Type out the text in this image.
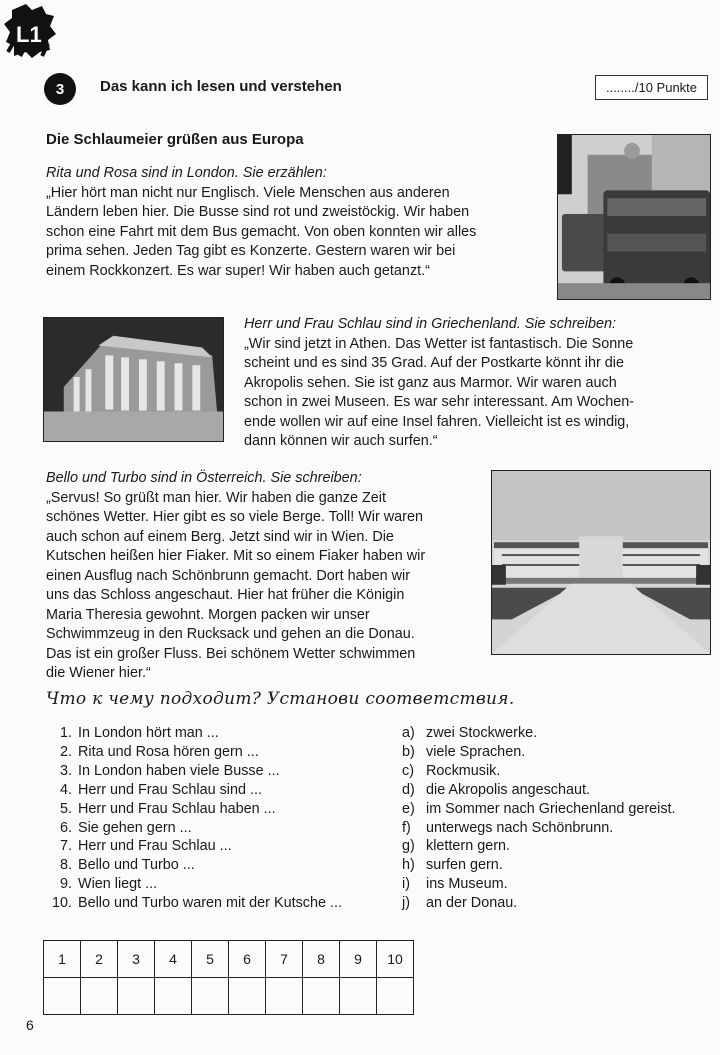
L1
3	Das kann ich lesen und verstehen	......../10 Punkte
Die Schlaumeier grüßen aus Europa
Rita und Rosa sind in London. Sie erzählen:
„Hier hört man nicht nur Englisch. Viele Menschen aus anderen
Ländern leben hier. Die Busse sind rot und zweistöckig. Wir haben
schon eine Fahrt mit dem Bus gemacht. Von oben konnten wir alles
prima sehen. Jeden Tag gibt es Konzerte. Gestern waren wir bei
einem Rockkonzert. Es war super! Wir haben auch getanzt.“
Herr und Frau Schlau sind in Griechenland. Sie schreiben:
„Wir sind jetzt in Athen. Das Wetter ist fantastisch. Die Sonne
scheint und es sind 35 Grad. Auf der Postkarte könnt ihr die
Akropolis sehen. Sie ist ganz aus Marmor. Wir waren auch
schon in zwei Museen. Es war sehr interessant. Am Wochen-
ende wollen wir auf eine Insel fahren. Vielleicht ist es windig,
dann können wir auch surfen.“
Bello und Turbo sind in Österreich. Sie schreiben:
„Servus! So grüßt man hier. Wir haben die ganze Zeit
schönes Wetter. Hier gibt es so viele Berge. Toll! Wir waren
auch schon auf einem Berg. Jetzt sind wir in Wien. Die
Kutschen heißen hier Fiaker. Mit so einem Fiaker haben wir
einen Ausflug nach Schönbrunn gemacht. Dort haben wir
uns das Schloss angeschaut. Hier hat früher die Königin
Maria Theresia gewohnt. Morgen packen wir unser
Schwimmzeug in den Rucksack und gehen an die Donau.
Das ist ein großer Fluss. Bei schönem Wetter schwimmen
die Wiener hier.“
Что к чему подходит? Установи соответствия.
1. In London hört man ...
2. Rita und Rosa hören gern ...
3. In London haben viele Busse ...
4. Herr und Frau Schlau sind ...
5. Herr und Frau Schlau haben ...
6. Sie gehen gern ...
7. Herr und Frau Schlau ...
8. Bello und Turbo ...
9. Wien liegt ...
10. Bello und Turbo waren mit der Kutsche ...
a) zwei Stockwerke.
b) viele Sprachen.
c) Rockmusik.
d) die Akropolis angeschaut.
e) im Sommer nach Griechenland gereist.
f)	unterwegs nach Schönbrunn.
g) klettern gern.
h) surfen gern.
i)	ins Museum.
j)	an der Donau.
1	2	3	4	5	6	7	8	9	10

6
